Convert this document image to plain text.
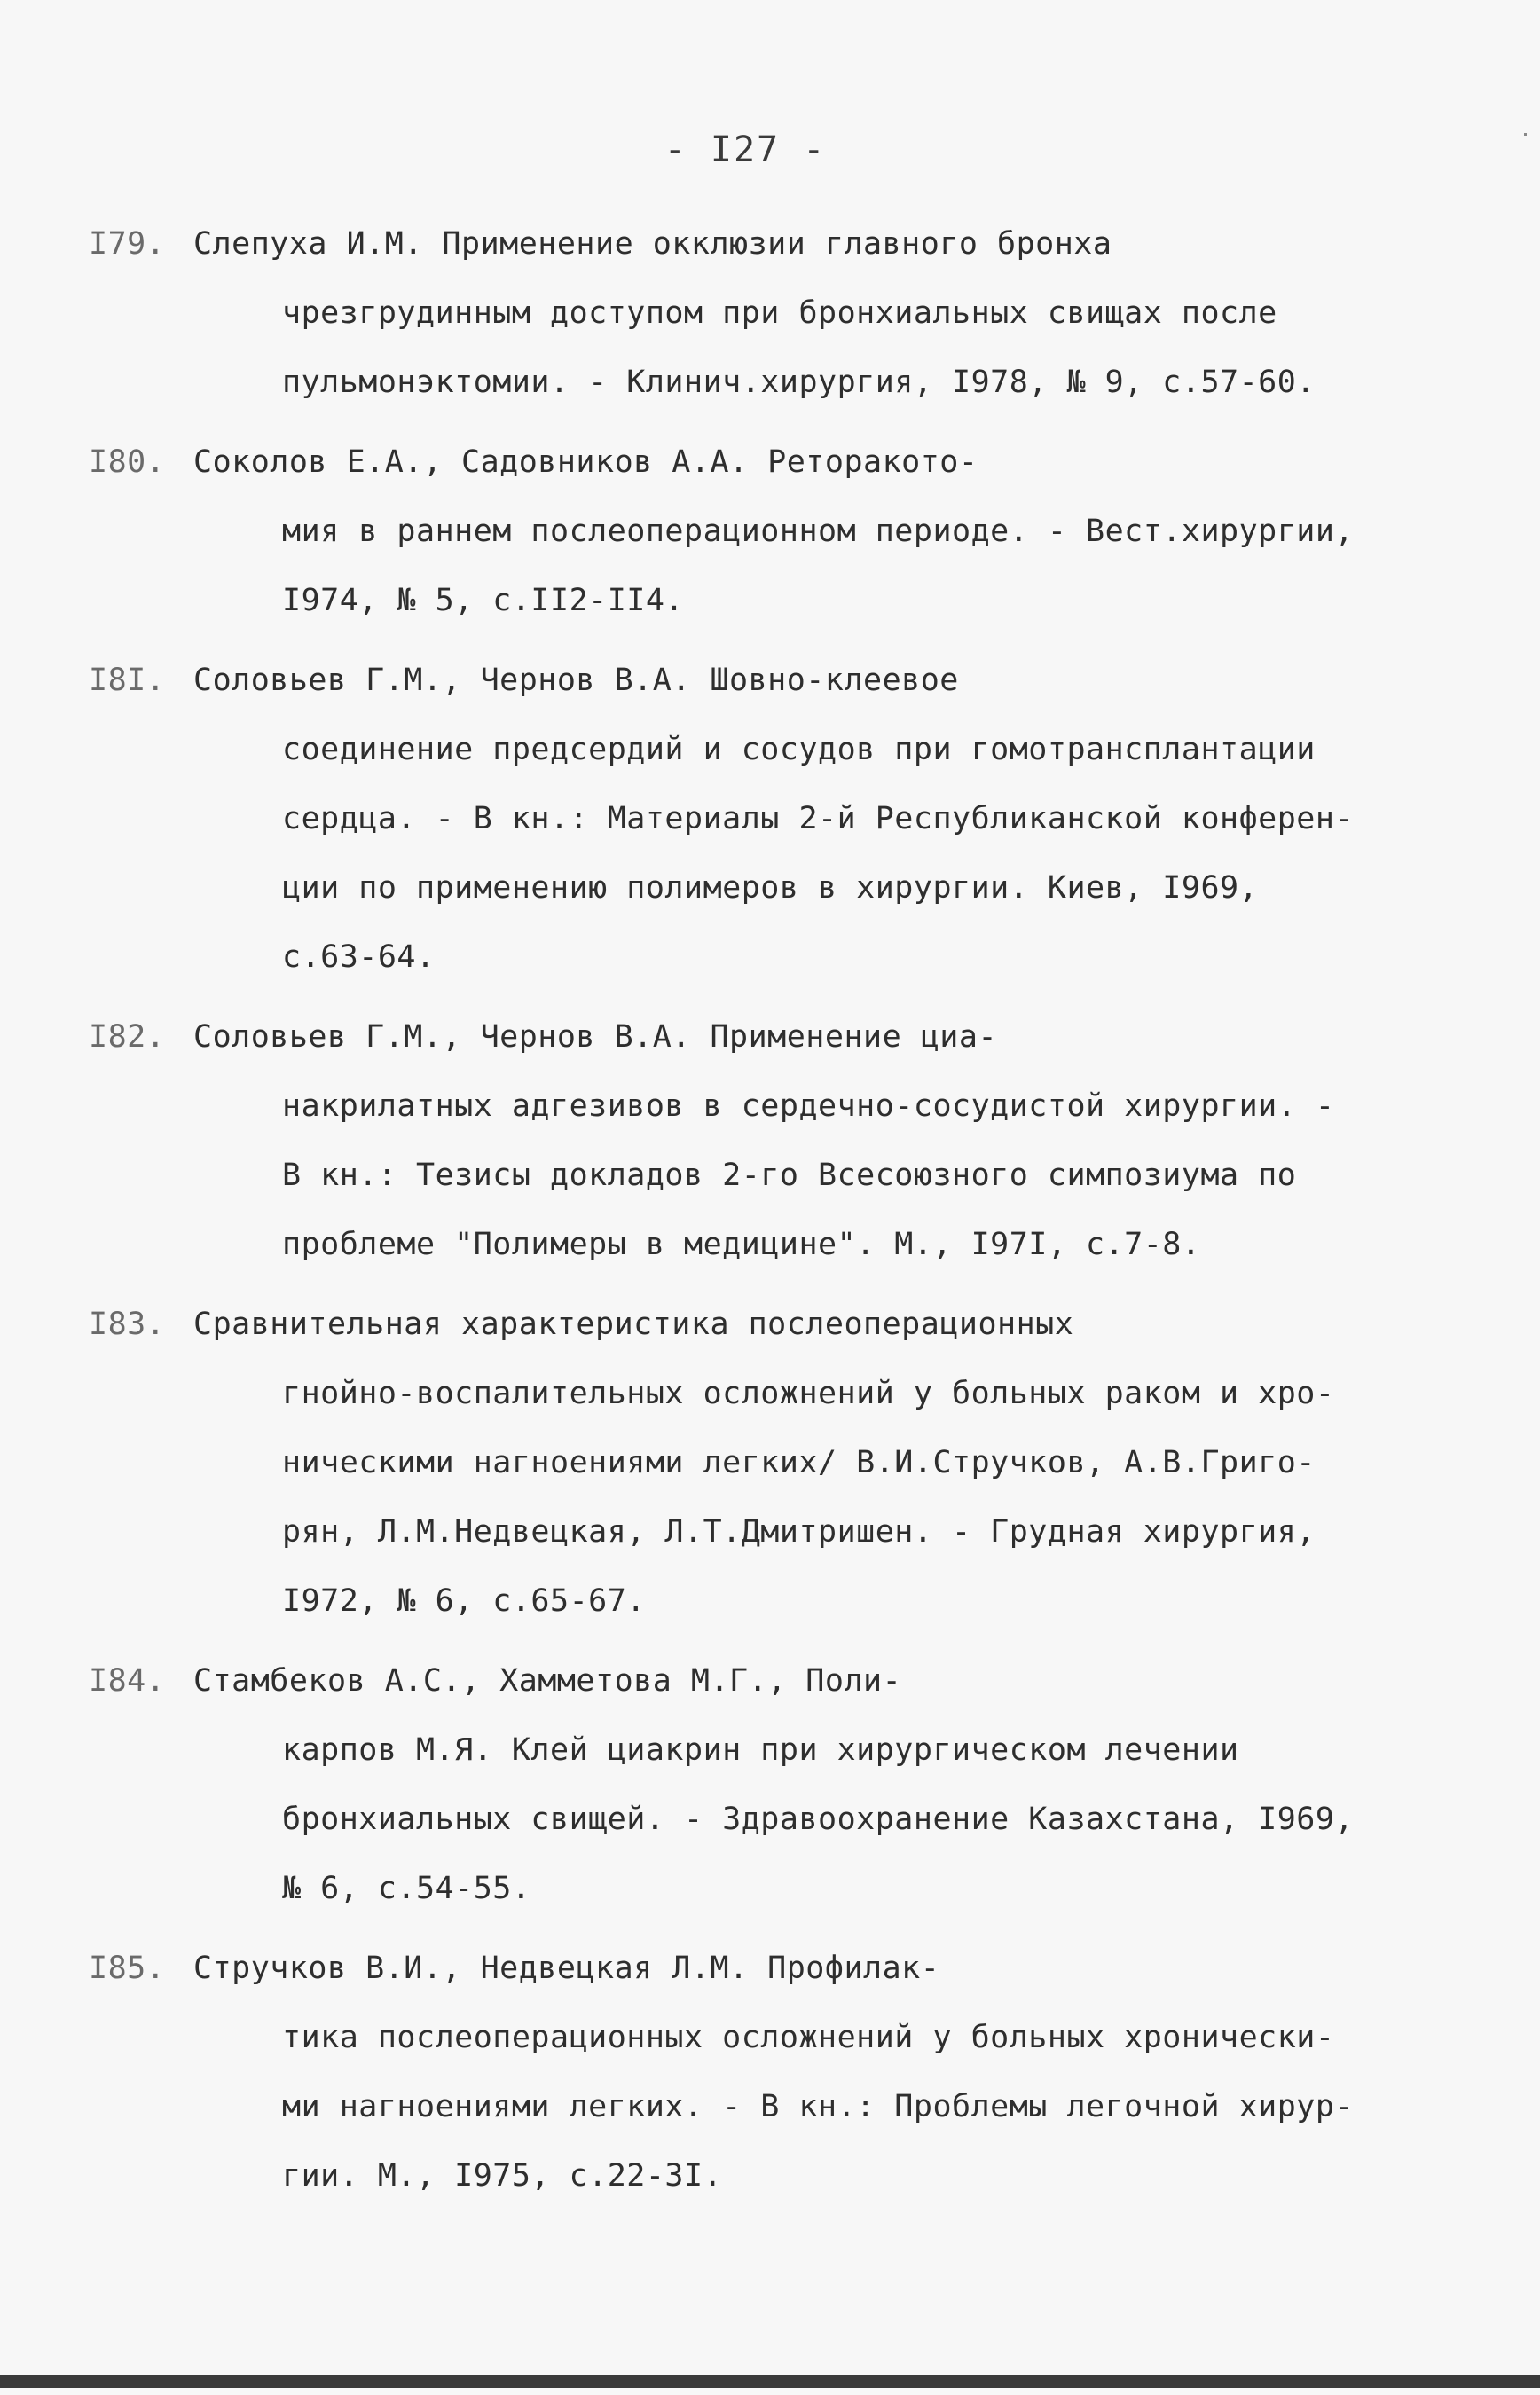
- I27 -
I79. Слепуха И.М. Применение окклюзии главного бронха
чрезгрудинным доступом при бронхиальных свищах после
пульмонэктомии. - Клинич.хирургия, I978, № 9, с.57-60.
I80. Соколов Е.А., Садовников А.А. Реторакото-
мия в раннем послеоперационном периоде. - Вест.хирургии,
I974, № 5, с.II2-II4.
I8I. Соловьев Г.М., Чернов В.А. Шовно-клеевое
соединение предсердий и сосудов при гомотрансплантации
сердца. - В кн.: Материалы 2-й Республиканской конферен-
ции по применению полимеров в хирургии. Киев, I969,
с.63-64.
I82. Соловьев Г.М., Чернов В.А. Применение циа-
накрилатных адгезивов в сердечно-сосудистой хирургии. -
В кн.: Тезисы докладов 2-го Всесоюзного симпозиума по
проблеме "Полимеры в медицине". М., I97I, с.7-8.
I83. Сравнительная характеристика послеоперационных
гнойно-воспалительных осложнений у больных раком и хро-
ническими нагноениями легких/ В.И.Стручков, А.В.Григо-
рян, Л.М.Недвецкая, Л.Т.Дмитришен. - Грудная хирургия,
I972, № 6, с.65-67.
I84. Стамбеков А.С., Хамметова М.Г., Поли-
карпов М.Я. Клей циакрин при хирургическом лечении
бронхиальных свищей. - Здравоохранение Казахстана, I969,
№ 6, с.54-55.
I85. Стручков В.И., Недвецкая Л.М. Профилак-
тика послеоперационных осложнений у больных хронически-
ми нагноениями легких. - В кн.: Проблемы легочной хирур-
гии. М., I975, с.22-3I.
